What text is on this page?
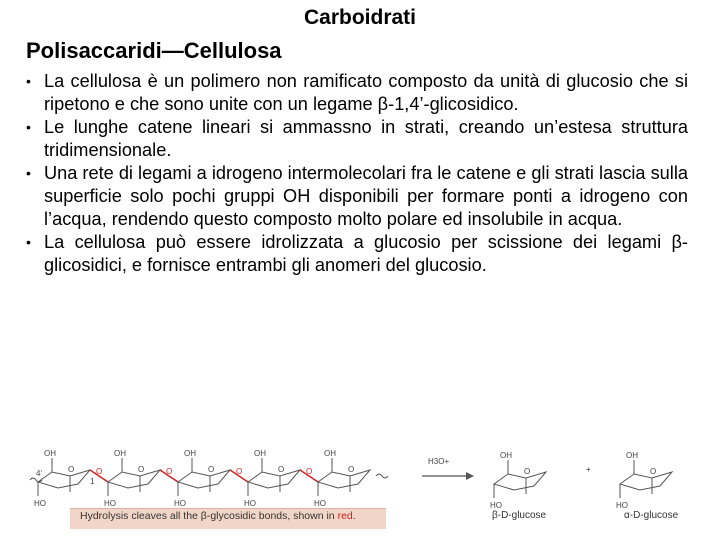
Carboidrati
Polisaccaridi—Cellulosa
• La cellulosa è un polimero non ramificato composto da unità di glucosio che si ripetono e che sono unite con un legame β-1,4’-glicosidico.
• Le lunghe catene lineari si ammassno in strati, creando un’estesa struttura tridimensionale.
• Una rete di legami a idrogeno intermolecolari fra le catene e gli strati lascia sulla superficie solo pochi gruppi OH disponibili per formare ponti a idrogeno con l’acqua, rendendo questo composto molto polare ed insolubile in acqua.
• La cellulosa può essere idrolizzata a glucosio per scissione dei legami β-glicosidici, e fornisce entrambi gli anomeri del glucosio.
OH
O
HO
O
OH
O
HO
O
OH
O
HO
O
OH
O
HO
O
OH
O
HO
4'
1
H3O+
OH
O
HO
+
OH
O
HO
Hydrolysis cleaves all the β-glycosidic bonds, shown in red.	β-D-glucose	α-D-glucose
